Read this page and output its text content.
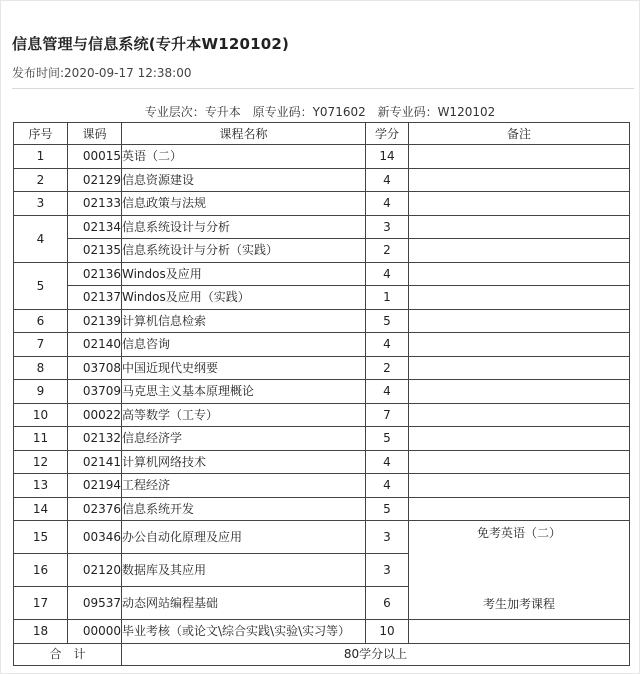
信息管理与信息系统(专升本W120102)
发布时间:2020-09-17 12:38:00
专业层次：专升本 原专业码：Y071602 新专业码：W120102
序号	课码	课程名称	学分	备注
1	00015	英语（二）	14	
2	02129	信息资源建设	4	
3	02133	信息政策与法规	4	
4	02134	信息系统设计与分析	3	
	02135	信息系统设计与分析（实践）	2	
5	02136	Windos及应用	4	
	02137	Windos及应用（实践）	1	
6	02139	计算机信息检索	5	
7	02140	信息咨询	4	
8	03708	中国近现代史纲要	2	
9	03709	马克思主义基本原理概论	4	
10	00022	高等数学（工专）	7	
11	02132	信息经济学	5	
12	02141	计算机网络技术	4	
13	02194	工程经济	4	
14	02376	信息系统开发	5	
15	00346	办公自动化原理及应用	3	免考英语（二）
考生加考课程

16	02120	数据库及其应用	3	
17	09537	动态网站编程基础	6	
18	00000	毕业考核（或论文\综合实践\实验\实习等）	10	
合　计		80学分以上		
